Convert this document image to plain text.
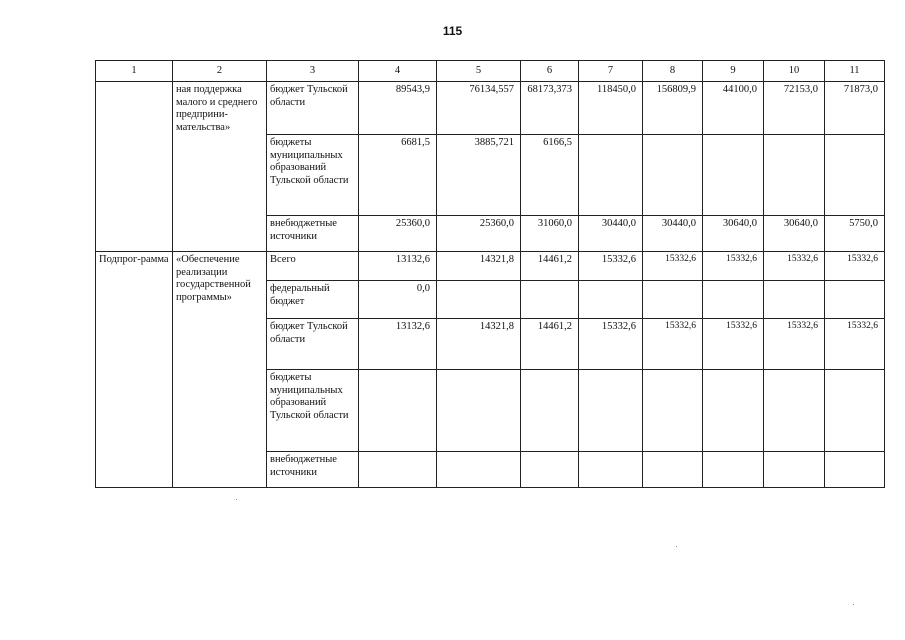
115
1	2	3	4	5	6	7	8	9	10	11
	ная поддержка малого и среднего предприни-мательства»	бюджет Тульской области	89543,9	76134,557	68173,373	118450,0	156809,9	44100,0	72153,0	71873,0
		бюджеты муниципальных образований Тульской области	6681,5	3885,721	6166,5					
		внебюджетные источники	25360,0	25360,0	31060,0	30440,0	30440,0	30640,0	30640,0	5750,0
Подпрог-рамма	«Обеспечение реализации государственной программы»	Всего	13132,6	14321,8	14461,2	15332,6	15332,6	15332,6	15332,6	15332,6
		федеральный бюджет	0,0							
		бюджет Тульской области	13132,6	14321,8	14461,2	15332,6	15332,6	15332,6	15332,6	15332,6
		бюджеты муниципальных образований Тульской области								
		внебюджетные источники								
